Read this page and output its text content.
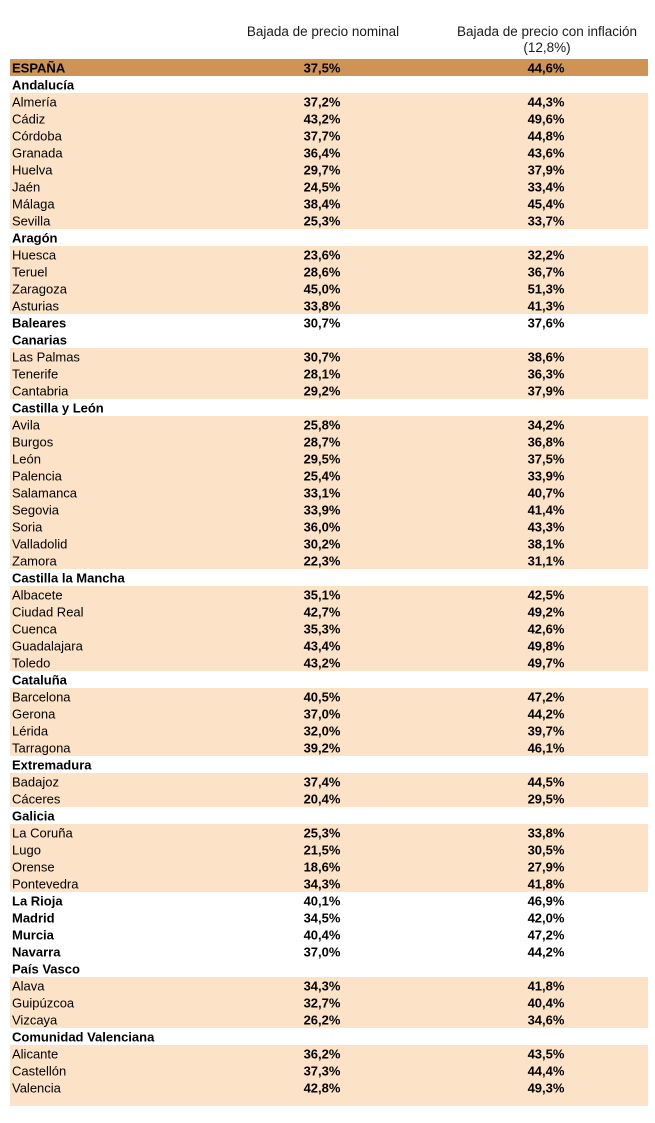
Bajada de precio nominal	Bajada de precio con inflación
(12,8%)
ESPAÑA	37,5%	44,6%
Andalucía
Almería	37,2%	44,3%
Cádiz	43,2%	49,6%
Córdoba	37,7%	44,8%
Granada	36,4%	43,6%
Huelva	29,7%	37,9%
Jaén	24,5%	33,4%
Málaga	38,4%	45,4%
Sevilla	25,3%	33,7%
Aragón
Huesca	23,6%	32,2%
Teruel	28,6%	36,7%
Zaragoza	45,0%	51,3%
Asturias	33,8%	41,3%
Baleares	30,7%	37,6%
Canarias
Las Palmas	30,7%	38,6%
Tenerife	28,1%	36,3%
Cantabria	29,2%	37,9%
Castilla y León
Avila	25,8%	34,2%
Burgos	28,7%	36,8%
León	29,5%	37,5%
Palencia	25,4%	33,9%
Salamanca	33,1%	40,7%
Segovia	33,9%	41,4%
Soria	36,0%	43,3%
Valladolid	30,2%	38,1%
Zamora	22,3%	31,1%
Castilla la Mancha
Albacete	35,1%	42,5%
Ciudad Real	42,7%	49,2%
Cuenca	35,3%	42,6%
Guadalajara	43,4%	49,8%
Toledo	43,2%	49,7%
Cataluña
Barcelona	40,5%	47,2%
Gerona	37,0%	44,2%
Lérida	32,0%	39,7%
Tarragona	39,2%	46,1%
Extremadura
Badajoz	37,4%	44,5%
Cáceres	20,4%	29,5%
Galicia
La Coruña	25,3%	33,8%
Lugo	21,5%	30,5%
Orense	18,6%	27,9%
Pontevedra	34,3%	41,8%
La Rioja	40,1%	46,9%
Madrid	34,5%	42,0%
Murcia	40,4%	47,2%
Navarra	37,0%	44,2%
País Vasco
Alava	34,3%	41,8%
Guipúzcoa	32,7%	40,4%
Vizcaya	26,2%	34,6%
Comunidad Valenciana
Alicante	36,2%	43,5%
Castellón	37,3%	44,4%
Valencia	42,8%	49,3%
